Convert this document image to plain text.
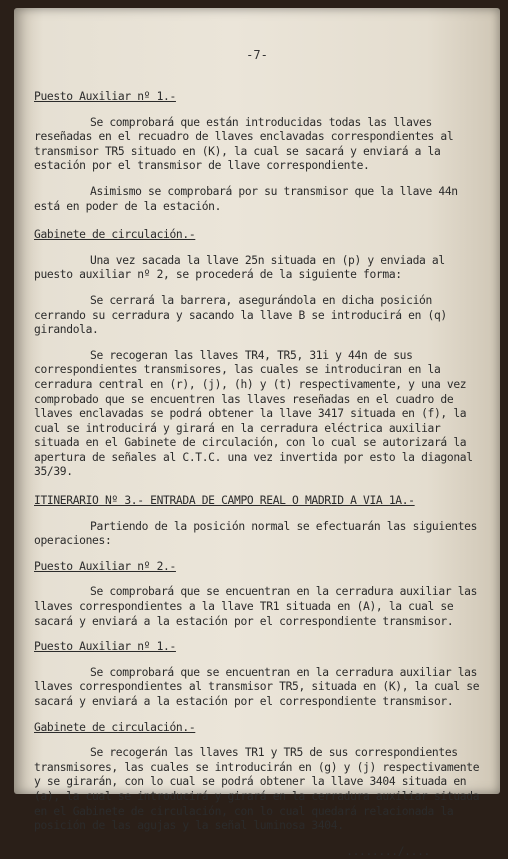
-7-

Puesto Auxiliar nº 1.-

Se comprobará que están introducidas todas las llaves reseñadas en el recuadro de llaves enclavadas correspondientes al transmisor TR5 situado en (K), la cual se sacará y enviará a la estación por el transmisor de llave correspondiente.

Asimismo se comprobará por su transmisor que la llave 44n está en poder de la estación.

Gabinete de circulación.-

Una vez sacada la llave 25n situada en (p) y enviada al puesto auxiliar nº 2, se procederá de la siguiente forma:

Se cerrará la barrera, asegurándola en dicha posición cerrando su cerradura y sacando la llave B se introducirá en (q) girandola.

Se recogeran las llaves TR4, TR5, 31i y 44n de sus correspondientes transmisores, las cuales se introduciran en la cerradura central en (r), (j), (h) y (t) respectivamente, y una vez comprobado que se encuentren las llaves reseñadas en el cuadro de llaves enclavadas se podrá obtener la llave 3417 situada en (f), la cual se introducirá y girará en la cerradura eléctrica auxiliar situada en el Gabinete de circulación, con lo cual se autorizará la apertura de señales al C.T.C. una vez invertida por esto la diagonal 35/39.

ITINERARIO Nº 3.- ENTRADA DE CAMPO REAL O MADRID A VIA 1A.-

Partiendo de la posición normal se efectuarán las siguientes operaciones:

Puesto Auxiliar nº 2.-

Se comprobará que se encuentran en la cerradura auxiliar las llaves correspondientes a la llave TR1 situada en (A), la cual se sacará y enviará a la estación por el correspondiente transmisor.

Puesto Auxiliar nº 1.-

Se comprobará que se encuentran en la cerradura auxiliar las llaves correspondientes al transmisor TR5, situada en (K), la cual se sacará y enviará a la estación por el correspondiente transmisor.

Gabinete de circulación.-

Se recogerán las llaves TR1 y TR5 de sus correspondientes transmisores, las cuales se introducirán en (g) y (j) respectivamente y se girarán, con lo cual se podrá obtener la llave 3404 situada en (a), la cual se introducirá y girará en la cerradura auxiliar situada en el Gabinete de circulación, con lo cual quedará relacionada la posición de las agujas y la señal luminosa 3404.

......../....
